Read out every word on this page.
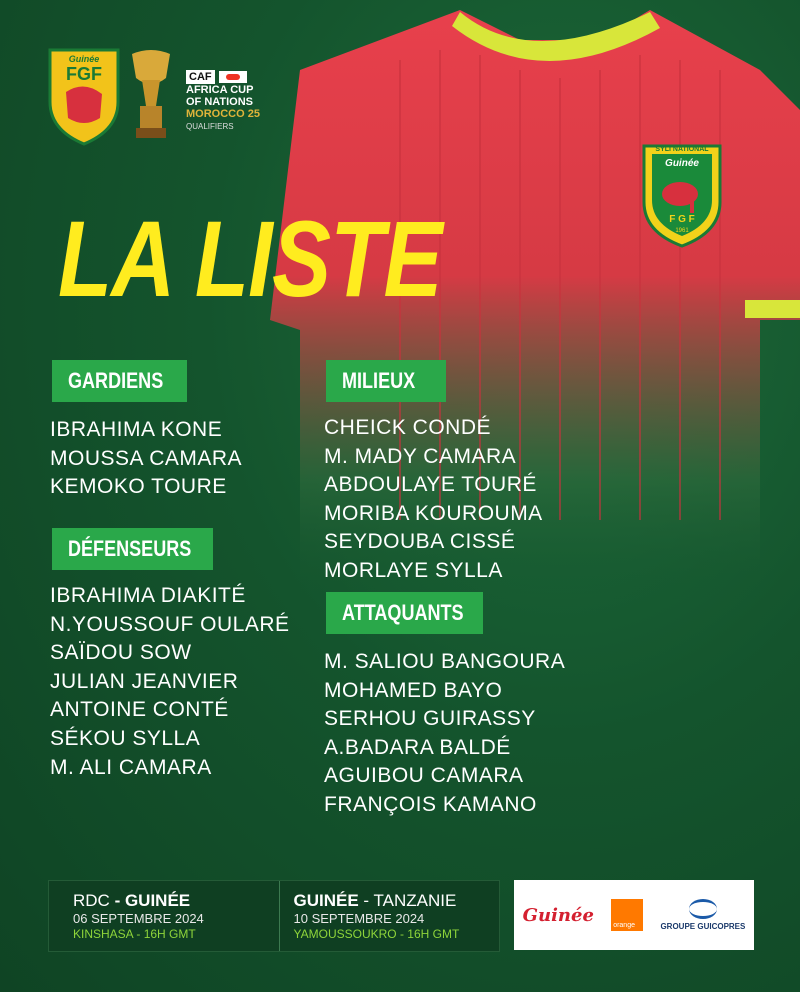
SYLI NATIONAL
Guinée
F G F
1961
Guinée
FGF	CAF
AFRICA CUP
OF NATIONS
MOROCCO 25
QUALIFIERS
LA LISTE
GARDIENS
IBRAHIMA KONE
MOUSSA CAMARA
KEMOKO TOURE
DÉFENSEURS
IBRAHIMA DIAKITÉ
N.YOUSSOUF OULARÉ
SAÏDOU SOW
JULIAN JEANVIER
ANTOINE CONTÉ
SÉKOU SYLLA
M. ALI CAMARA
MILIEUX
CHEICK CONDÉ
M. MADY CAMARA
ABDOULAYE TOURÉ
MORIBA KOUROUMA
SEYDOUBA CISSÉ
MORLAYE SYLLA
ATTAQUANTS
M. SALIOU BANGOURA
MOHAMED BAYO
SERHOU GUIRASSY
A.BADARA BALDÉ
AGUIBOU CAMARA
FRANÇOIS KAMANO
RDC - GUINÉE
06 SEPTEMBRE 2024
KINSHASA - 16H GMT
GUINÉE - TANZANIE
10 SEPTEMBRE 2024
YAMOUSSOUKRO - 16H GMT
Guinée	orange	GROUPE GUICOPRES
